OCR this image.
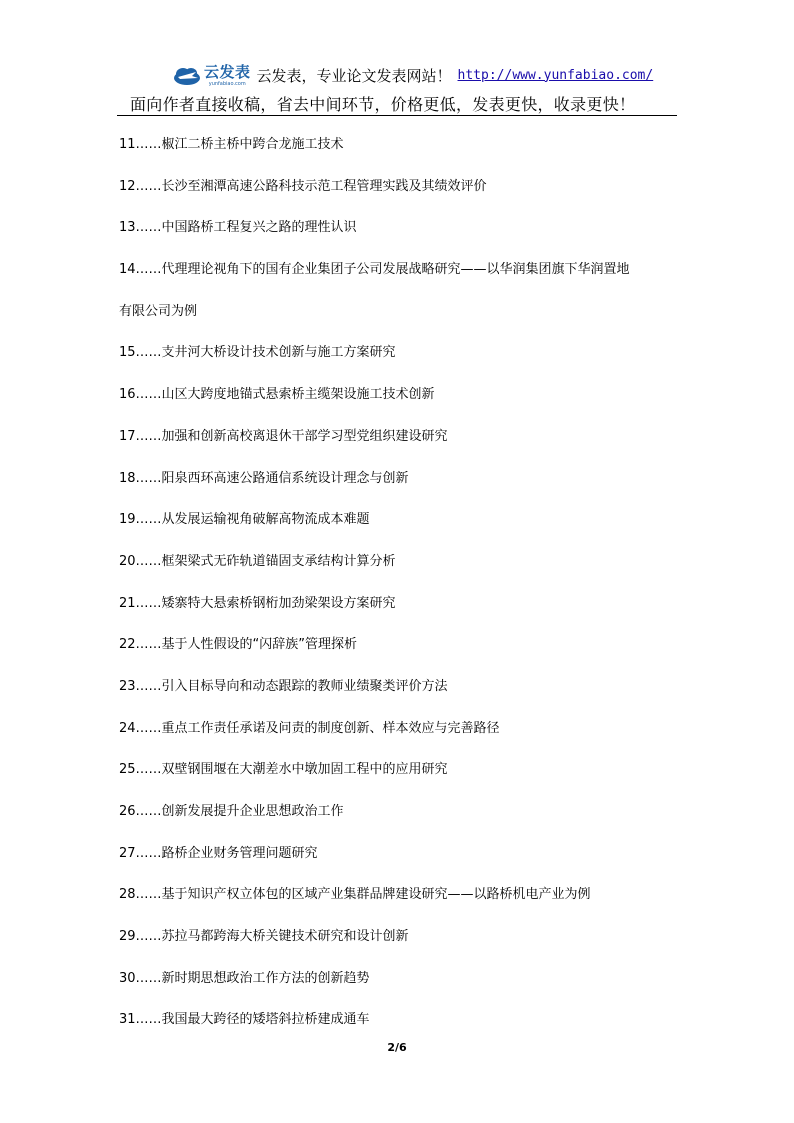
云发表
yunfabiao.com 云发表，专业论文发表网站！ http://www.yunfabiao.com/
面向作者直接收稿，省去中间环节，价格更低，发表更快，收录更快！
11……椒江二桥主桥中跨合龙施工技术
12……长沙至湘潭高速公路科技示范工程管理实践及其绩效评价
13……中国路桥工程复兴之路的理性认识
14……代理理论视角下的国有企业集团子公司发展战略研究——以华润集团旗下华润置地
有限公司为例
15……支井河大桥设计技术创新与施工方案研究
16……山区大跨度地锚式悬索桥主缆架设施工技术创新
17……加强和创新高校离退休干部学习型党组织建设研究
18……阳泉西环高速公路通信系统设计理念与创新
19……从发展运输视角破解高物流成本难题
20……框架梁式无砟轨道锚固支承结构计算分析
21……矮寨特大悬索桥钢桁加劲梁架设方案研究
22……基于人性假设的“闪辞族”管理探析
23……引入目标导向和动态跟踪的教师业绩聚类评价方法
24……重点工作责任承诺及问责的制度创新、样本效应与完善路径
25……双壁钢围堰在大潮差水中墩加固工程中的应用研究
26……创新发展提升企业思想政治工作
27……路桥企业财务管理问题研究
28……基于知识产权立体包的区域产业集群品牌建设研究——以路桥机电产业为例
29……苏拉马都跨海大桥关键技术研究和设计创新
30……新时期思想政治工作方法的创新趋势
31……我国最大跨径的矮塔斜拉桥建成通车
2/6
